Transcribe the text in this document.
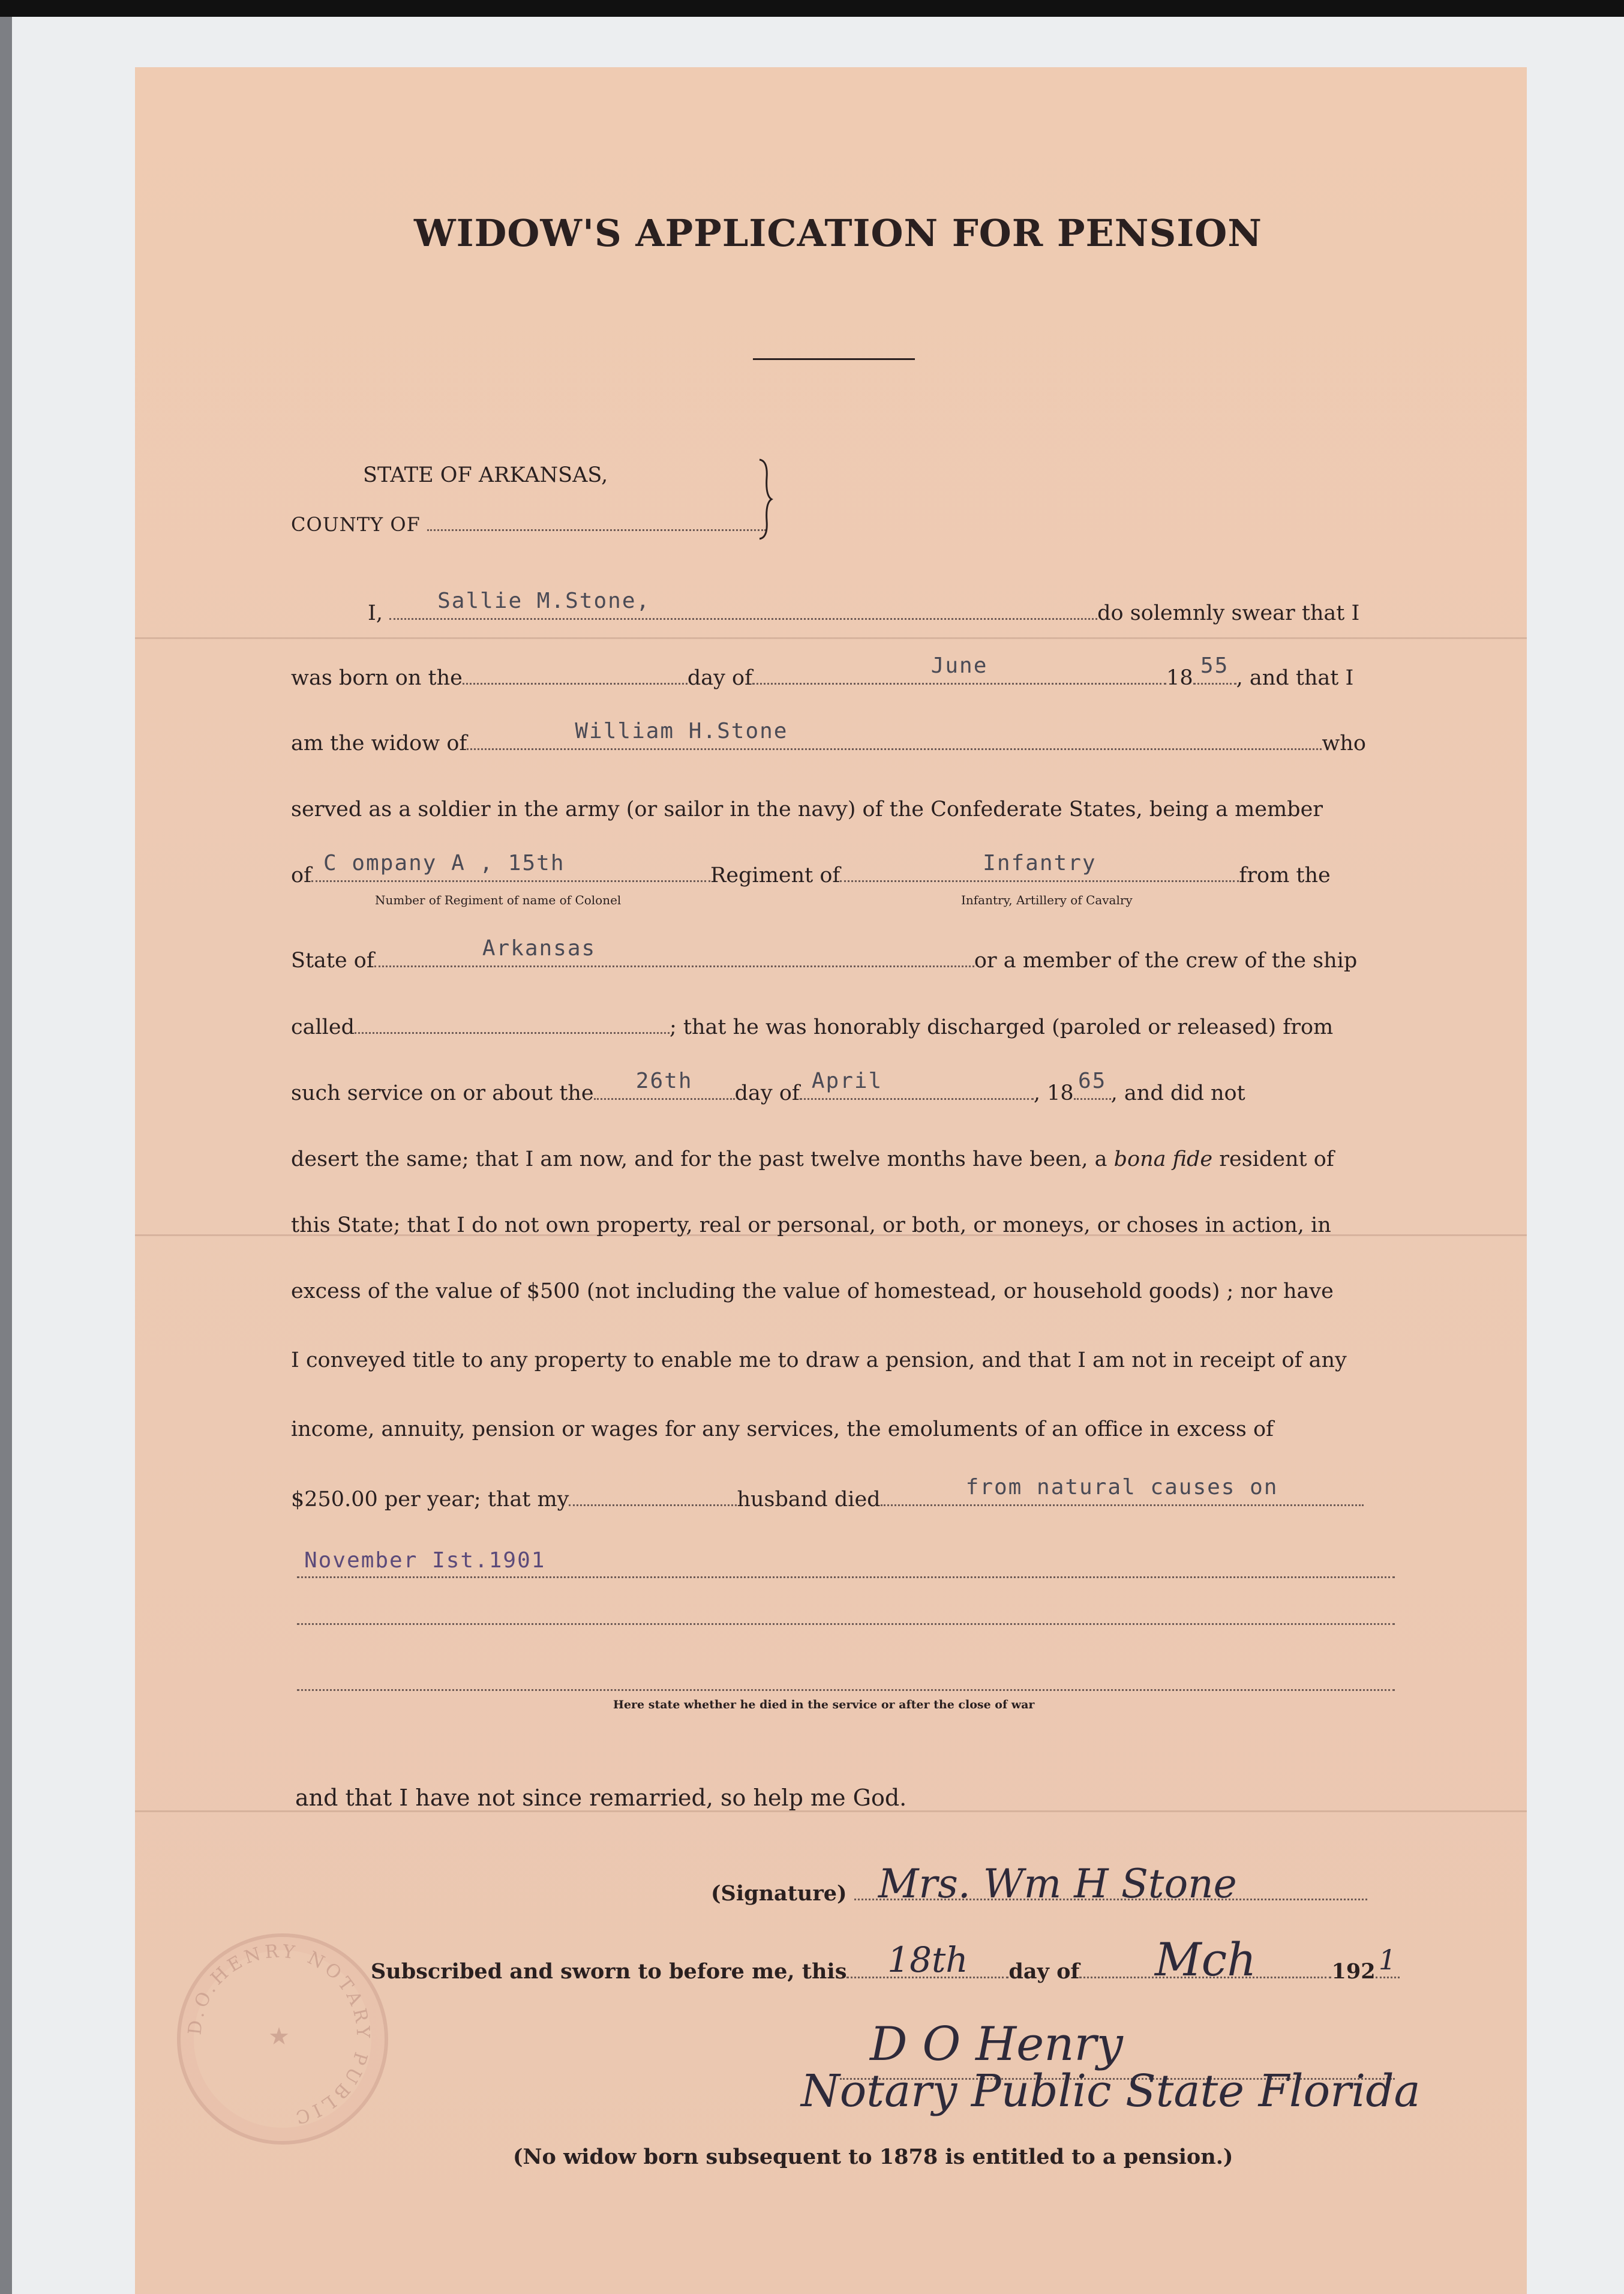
WIDOW'S APPLICATION FOR PENSION
STATE OF ARKANSAS,
COUNTY OF
I,	Sallie M.Stone,	do solemnly swear that I
was born on the	day of	June	18 55 , and that I
am the widow of	William H.Stone	who
served as a soldier in the army (or sailor in the navy) of the Confederate States, being a member
of C ompany A , 15th	Regiment of	Infantry	from the
Number of Regiment of name of Colonel	Infantry, Artillery of Cavalry
State of	Arkansas	or a member of the crew of the ship
called	; that he was honorably discharged (paroled or released) from
such service on or about the	26th	day of April	, 18 65 , and did not
desert the same; that I am now, and for the past twelve months have been, a bona fide resident of
this State; that I do not own property, real or personal, or both, or moneys, or choses in action, in
excess of the value of $500 (not including the value of homestead, or household goods) ; nor have
I conveyed title to any property to enable me to draw a pension, and that I am not in receipt of any
income, annuity, pension or wages for any services, the emoluments of an office in excess of
$250.00 per year; that my	husband died	from natural causes on
November Ist.1901
Here state whether he died in the service or after the close of war
and that I have not since remarried, so help me God.
(Signature) Mrs. Wm H Stone
Subscribed and sworn to before me, this	18th	day of	Mch	192 1
D O Henry
Notary Public State Florida
(No widow born subsequent to 1878 is entitled to a pension.)
D.O.HENRY NOTARY PUBLIC
★
